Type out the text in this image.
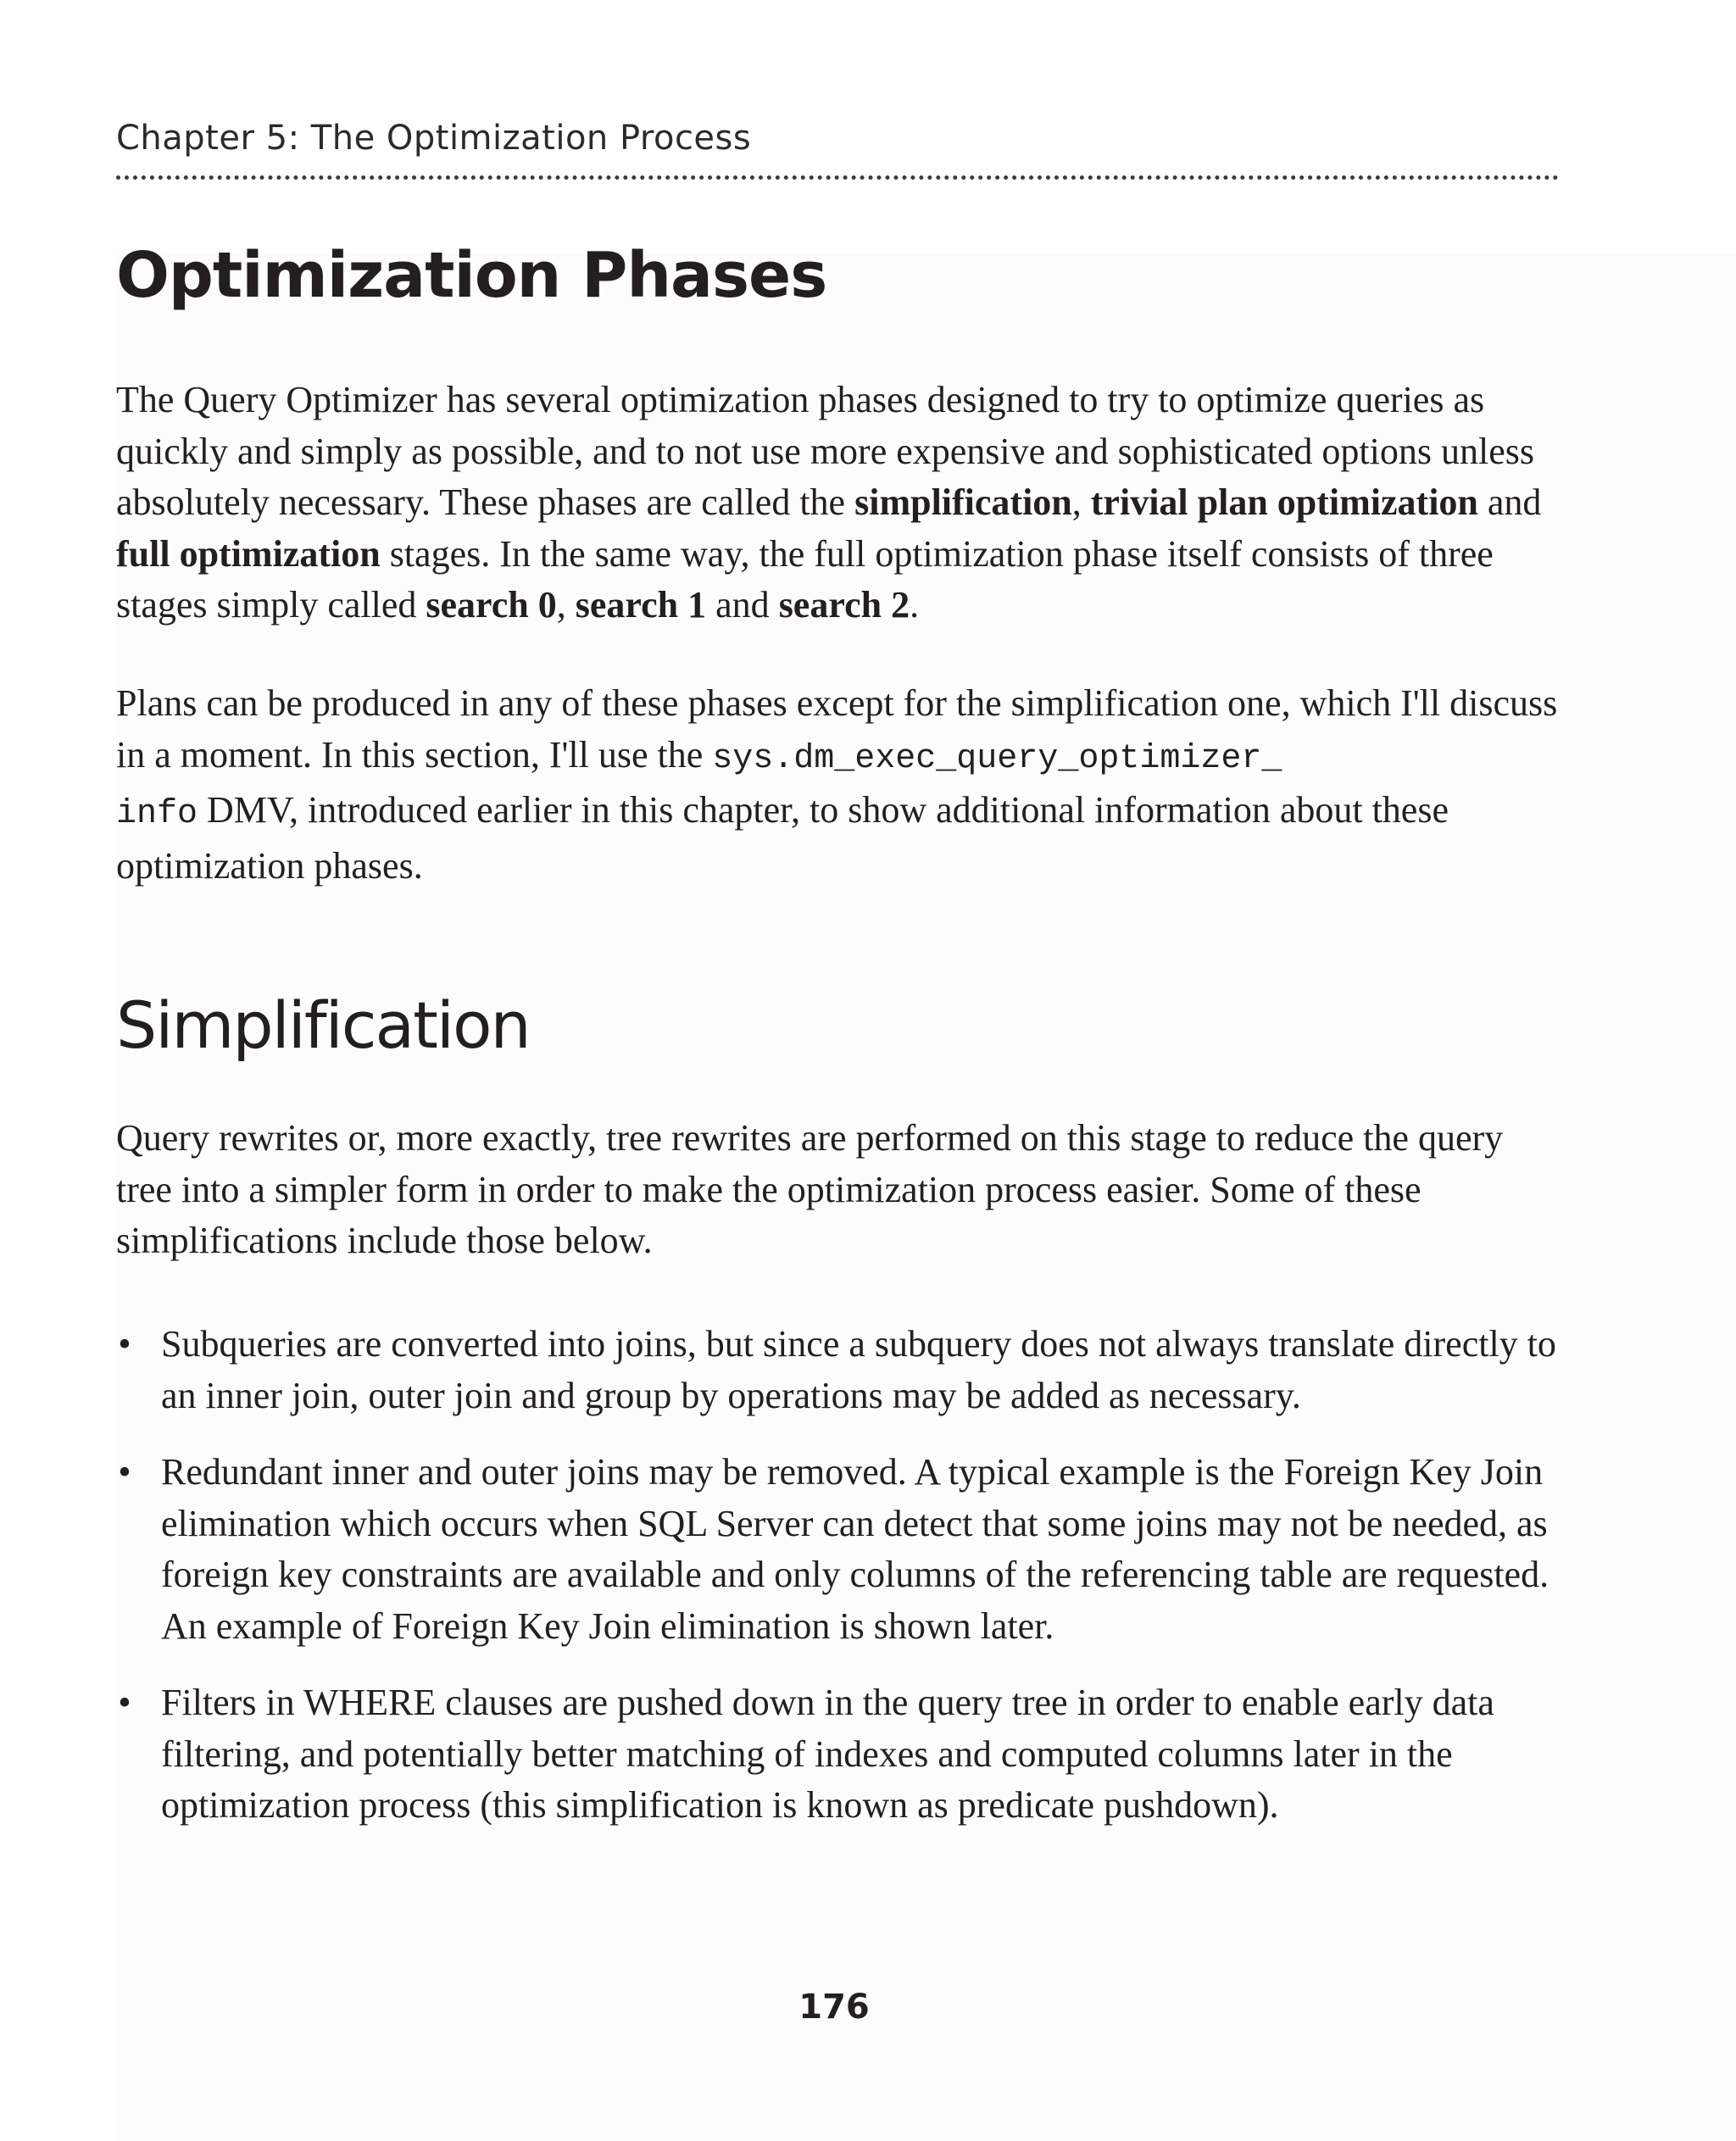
Chapter 5: The Optimization Process
Optimization Phases

The Query Optimizer has several optimization phases designed to try to optimize queries as quickly and simply as possible, and to not use more expensive and sophisticated options unless absolutely necessary. These phases are called the simplification, trivial plan optimization and full optimization stages. In the same way, the full optimization phase itself consists of three stages simply called search 0, search 1 and search 2.

Plans can be produced in any of these phases except for the simplification one, which I'll discuss in a moment. In this section, I'll use the sys.dm_exec_query_optimizer_
info DMV, introduced earlier in this chapter, to show additional information about these optimization phases.

Simplification

Query rewrites or, more exactly, tree rewrites are performed on this stage to reduce the query tree into a simpler form in order to make the optimization process easier. Some of these simplifications include those below.

• Subqueries are converted into joins, but since a subquery does not always translate directly to an inner join, outer join and group by operations may be added as necessary.
• Redundant inner and outer joins may be removed. A typical example is the Foreign Key Join elimination which occurs when SQL Server can detect that some joins may not be needed, as foreign key constraints are available and only columns of the referencing table are requested. An example of Foreign Key Join elimination is shown later.
• Filters in WHERE clauses are pushed down in the query tree in order to enable early data filtering, and potentially better matching of indexes and computed columns later in the optimization process (this simplification is known as predicate pushdown).
176
